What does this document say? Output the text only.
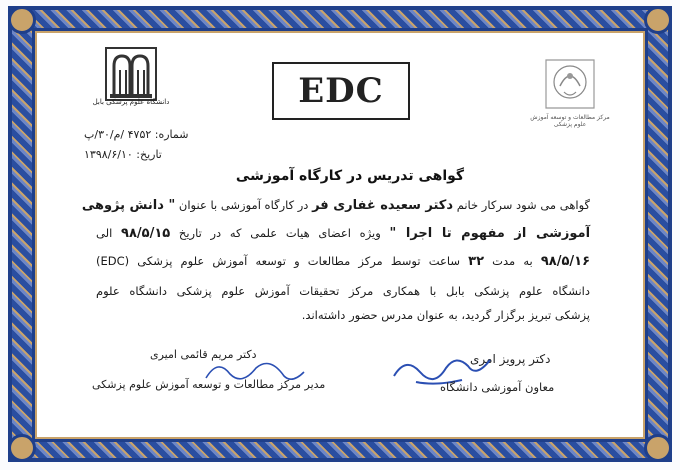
دانشگاه علوم پزشکی بابل	EDC
مرکز مطالعات و توسعه آموزش علوم پزشکی
شماره: ۴۷۵۲ /م/۳۰/پ
تاریخ: ۱۳۹۸/۶/۱۰
گواهی تدریس در کارگاه آموزشی
گواهی می شود سرکار خانم دکتر سعیده غفاری فر در کارگاه آموزشی با عنوان " دانش پژوهی
آموزشی از مفهوم تا اجرا " ویژه اعضای هیات علمی که در تاریخ ۹۸/۵/۱۵ الی
۹۸/۵/۱۶ به مدت ۳۲ ساعت توسط مرکز مطالعات و توسعه آموزش علوم پزشکی (EDC)
دانشگاه علوم پزشکی بابل با همکاری مرکز تحقیقات آموزش علوم پزشکی دانشگاه علوم
پزشکی تبریز برگزار گردید، به عنوان مدرس حضور داشته‌اند.
دکتر پرویز امری
معاون آموزشی دانشگاه
دکتر مریم قائمی امیری
مدیر مرکز مطالعات و توسعه آموزش علوم پزشکی
